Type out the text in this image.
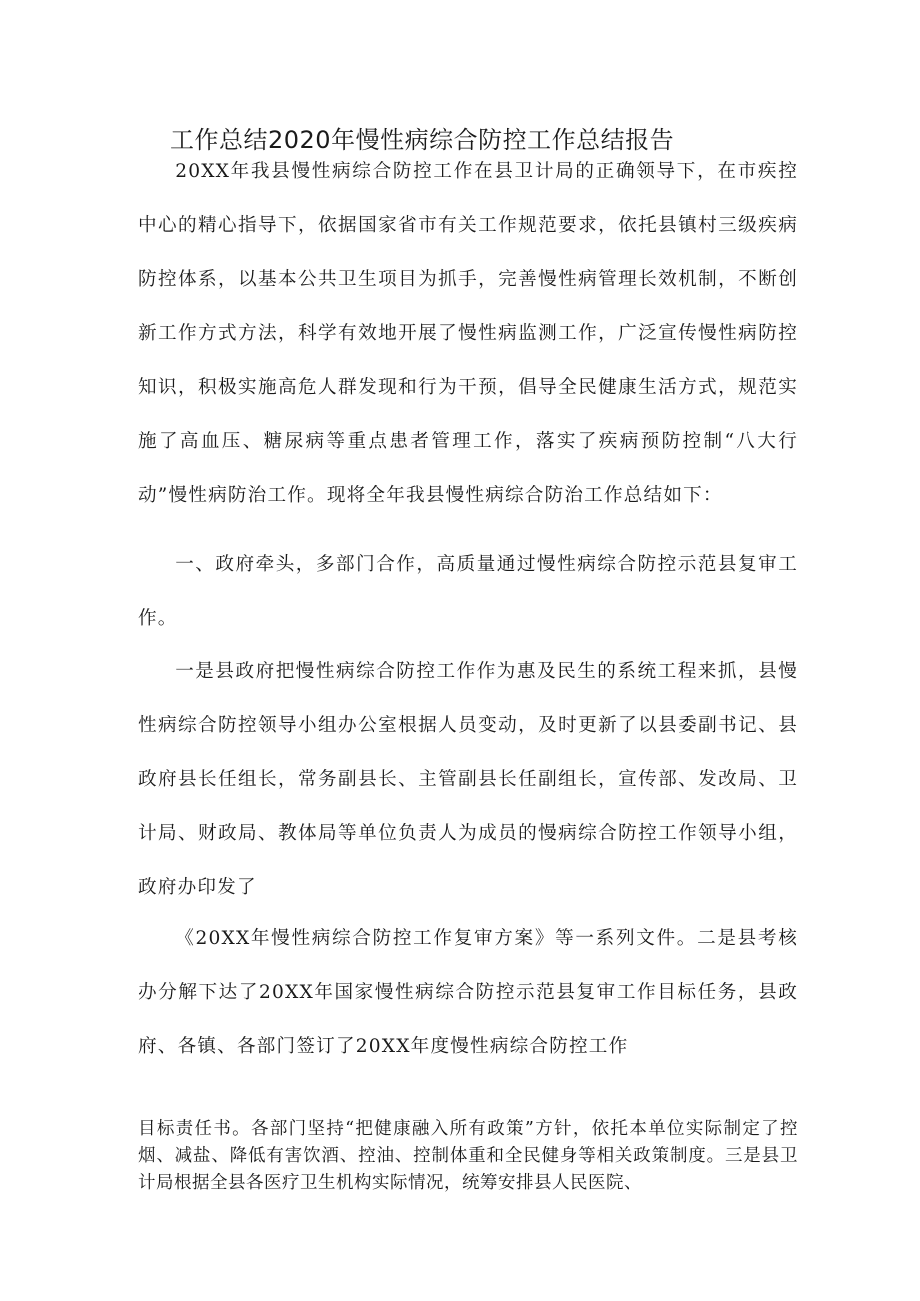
工作总结2020年慢性病综合防控工作总结报告

20XX年我县慢性病综合防控工作在县卫计局的正确领导下，在市疾控中心的精心指导下，依据国家省市有关工作规范要求，依托县镇村三级疾病防控体系，以基本公共卫生项目为抓手，完善慢性病管理长效机制，不断创新工作方式方法，科学有效地开展了慢性病监测工作，广泛宣传慢性病防控知识，积极实施高危人群发现和行为干预，倡导全民健康生活方式，规范实施了高血压、糖尿病等重点患者管理工作，落实了疾病预防控制“八大行动”慢性病防治工作。现将全年我县慢性病综合防治工作总结如下：

一、政府牵头，多部门合作，高质量通过慢性病综合防控示范县复审工作。

一是县政府把慢性病综合防控工作作为惠及民生的系统工程来抓，县慢性病综合防控领导小组办公室根据人员变动，及时更新了以县委副书记、县政府县长任组长，常务副县长、主管副县长任副组长，宣传部、发改局、卫计局、财政局、教体局等单位负责人为成员的慢病综合防控工作领导小组，政府办印发了

《20XX年慢性病综合防控工作复审方案》等一系列文件。二是县考核办分解下达了20XX年国家慢性病综合防控示范县复审工作目标任务，县政府、各镇、各部门签订了20XX年度慢性病综合防控工作

目标责任书。各部门坚持“把健康融入所有政策”方针，依托本单位实际制定了控烟、减盐、降低有害饮酒、控油、控制体重和全民健身等相关政策制度。三是县卫计局根据全县各医疗卫生机构实际情况，统筹安排县人民医院、
